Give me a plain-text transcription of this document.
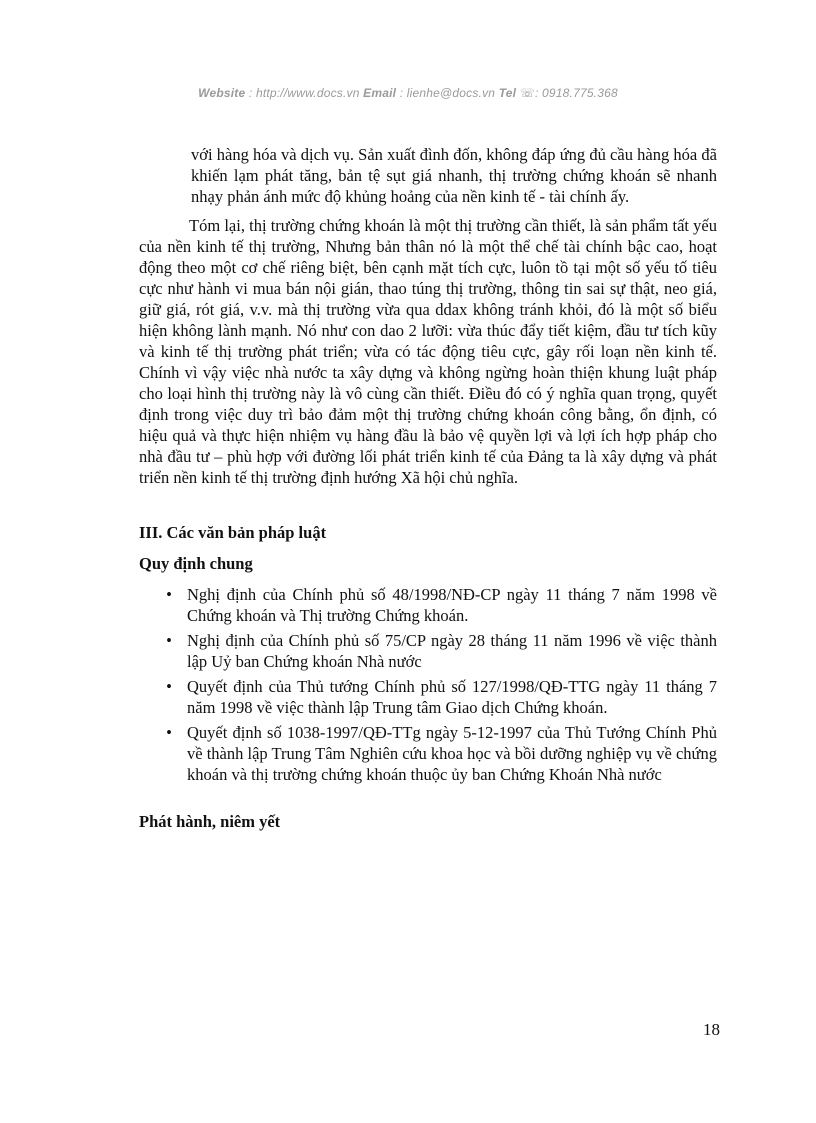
Website : http://www.docs.vn Email : lienhe@docs.vn Tel ☏: 0918.775.368

với hàng hóa và dịch vụ. Sản xuất đình đốn, không đáp ứng đủ cầu hàng hóa đã khiến lạm phát tăng, bản tệ sụt giá nhanh, thị trường chứng khoán sẽ nhanh nhạy phản ánh mức độ khủng hoảng của nền kinh tế - tài chính ấy.

Tóm lại, thị trường chứng khoán là một thị trường cần thiết, là sản phẩm tất yếu của nền kinh tế thị trường, Nhưng bản thân nó là một thể chế tài chính bậc cao, hoạt động theo một cơ chế riêng biệt, bên cạnh mặt tích cực, luôn tồ tại một số yếu tố tiêu cực như hành vi mua bán nội gián, thao túng thị trường, thông tin sai sự thật, neo giá, giữ giá, rót giá, v.v. mà thị trường vừa qua ddax không tránh khỏi, đó là một số biểu hiện không lành mạnh. Nó như con dao 2 lưỡi: vừa thúc đẩy tiết kiệm, đầu tư tích kũy và kinh tế thị trường phát triển; vừa có tác động tiêu cực, gây rối loạn nền kinh tế. Chính vì vậy việc nhà nước ta xây dựng và không ngừng hoàn thiện khung luật pháp cho loại hình thị trường này là vô cùng cần thiết. Điều đó có ý nghĩa quan trọng, quyết định trong việc duy trì bảo đảm một thị trường chứng khoán công bằng, ổn định, có hiệu quả và thực hiện nhiệm vụ hàng đầu là bảo vệ quyền lợi và lợi ích hợp pháp cho nhà đầu tư – phù hợp với đường lối phát triển kinh tế của Đảng ta là xây dựng và phát triển nền kinh tế thị trường định hướng Xã hội chủ nghĩa.

III. Các văn bản pháp luật

Quy định chung

• Nghị định của Chính phủ số 48/1998/NĐ-CP ngày 11 tháng 7 năm 1998 về Chứng khoán và Thị trường Chứng khoán.
• Nghị định của Chính phủ số 75/CP ngày 28 tháng 11 năm 1996 về việc thành lập Uỷ ban Chứng khoán Nhà nước
• Quyết định của Thủ tướng Chính phủ số 127/1998/QĐ-TTG ngày 11 tháng 7 năm 1998 về việc thành lập Trung tâm Giao dịch Chứng khoán.
• Quyết định số 1038-1997/QĐ-TTg ngày 5-12-1997 của Thủ Tướng Chính Phủ về thành lập Trung Tâm Nghiên cứu khoa học và bồi dưỡng nghiệp vụ về chứng khoán và thị trường chứng khoán thuộc ủy ban Chứng Khoán Nhà nước

Phát hành, niêm yết

18
